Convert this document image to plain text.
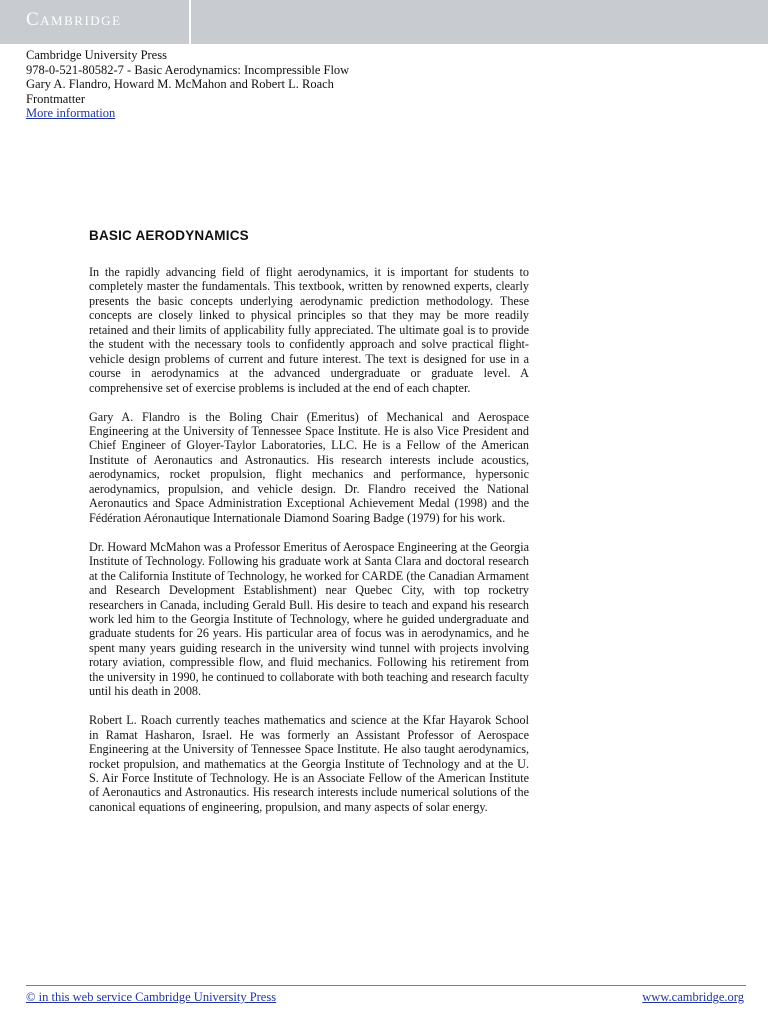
Cambridge
Cambridge University Press
978-0-521-80582-7 - Basic Aerodynamics: Incompressible Flow
Gary A. Flandro, Howard M. McMahon and Robert L. Roach
Frontmatter
More information
BASIC AERODYNAMICS

In the rapidly advancing field of flight aerodynamics, it is important for students to completely master the fundamentals. This textbook, written by renowned experts, clearly presents the basic concepts underlying aerodynamic prediction methodology. These concepts are closely linked to physical principles so that they may be more readily retained and their limits of applicability fully appreciated. The ultimate goal is to provide the student with the necessary tools to confidently approach and solve practical flight-vehicle design problems of current and future interest. The text is designed for use in a course in aerodynamics at the advanced undergraduate or graduate level. A comprehensive set of exercise problems is included at the end of each chapter.

Gary A. Flandro is the Boling Chair (Emeritus) of Mechanical and Aerospace Engineering at the University of Tennessee Space Institute. He is also Vice President and Chief Engineer of Gloyer-Taylor Laboratories, LLC. He is a Fellow of the American Institute of Aeronautics and Astronautics. His research interests include acoustics, aerodynamics, rocket propulsion, flight mechanics and performance, hypersonic aerodynamics, propulsion, and vehicle design. Dr. Flandro received the National Aeronautics and Space Administration Exceptional Achievement Medal (1998) and the Fédération Aéronautique Internationale Diamond Soaring Badge (1979) for his work.

Dr. Howard McMahon was a Professor Emeritus of Aerospace Engineering at the Georgia Institute of Technology. Following his graduate work at Santa Clara and doctoral research at the California Institute of Technology, he worked for CARDE (the Canadian Armament and Research Development Establishment) near Quebec City, with top rocketry researchers in Canada, including Gerald Bull. His desire to teach and expand his research work led him to the Georgia Institute of Technology, where he guided undergraduate and graduate students for 26 years. His particular area of focus was in aerodynamics, and he spent many years guiding research in the university wind tunnel with projects involving rotary aviation, compressible flow, and fluid mechanics. Following his retirement from the university in 1990, he continued to collaborate with both teaching and research faculty until his death in 2008.

Robert L. Roach currently teaches mathematics and science at the Kfar Hayarok School in Ramat Hasharon, Israel. He was formerly an Assistant Professor of Aerospace Engineering at the University of Tennessee Space Institute. He also taught aerodynamics, rocket propulsion, and mathematics at the Georgia Institute of Technology and at the U. S. Air Force Institute of Technology. He is an Associate Fellow of the American Institute of Aeronautics and Astronautics. His research interests include numerical solutions of the canonical equations of engineering, propulsion, and many aspects of solar energy.

© in this web service Cambridge University Press	www.cambridge.org
